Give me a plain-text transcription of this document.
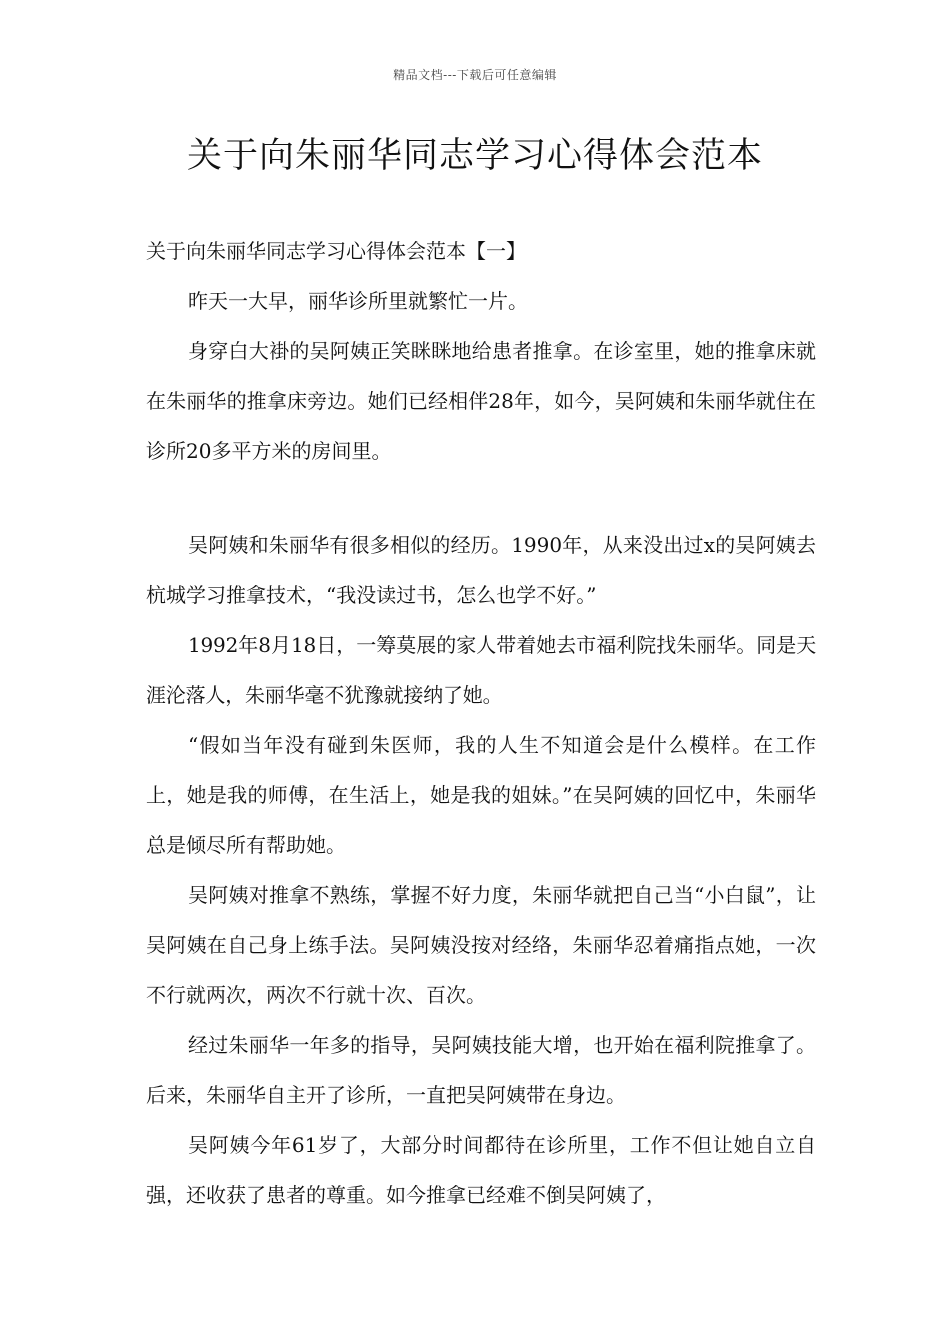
精品文档---下载后可任意编辑
关于向朱丽华同志学习心得体会范本
关于向朱丽华同志学习心得体会范本【一】

昨天一大早，丽华诊所里就繁忙一片。

身穿白大褂的吴阿姨正笑眯眯地给患者推拿。在诊室里，她的推拿床就在朱丽华的推拿床旁边。她们已经相伴28年，如今，吴阿姨和朱丽华就住在诊所20多平方米的房间里。

吴阿姨和朱丽华有很多相似的经历。1990年，从来没出过x的吴阿姨去杭城学习推拿技术，“我没读过书，怎么也学不好。”

1992年8月18日，一筹莫展的家人带着她去市福利院找朱丽华。同是天涯沦落人，朱丽华毫不犹豫就接纳了她。

“假如当年没有碰到朱医师，我的人生不知道会是什么模样。在工作上，她是我的师傅，在生活上，她是我的姐妹。”在吴阿姨的回忆中，朱丽华总是倾尽所有帮助她。

吴阿姨对推拿不熟练，掌握不好力度，朱丽华就把自己当“小白鼠”，让吴阿姨在自己身上练手法。吴阿姨没按对经络，朱丽华忍着痛指点她，一次不行就两次，两次不行就十次、百次。

经过朱丽华一年多的指导，吴阿姨技能大增，也开始在福利院推拿了。后来，朱丽华自主开了诊所，一直把吴阿姨带在身边。

吴阿姨今年61岁了，大部分时间都待在诊所里，工作不但让她自立自强，还收获了患者的尊重。如今推拿已经难不倒吴阿姨了，
